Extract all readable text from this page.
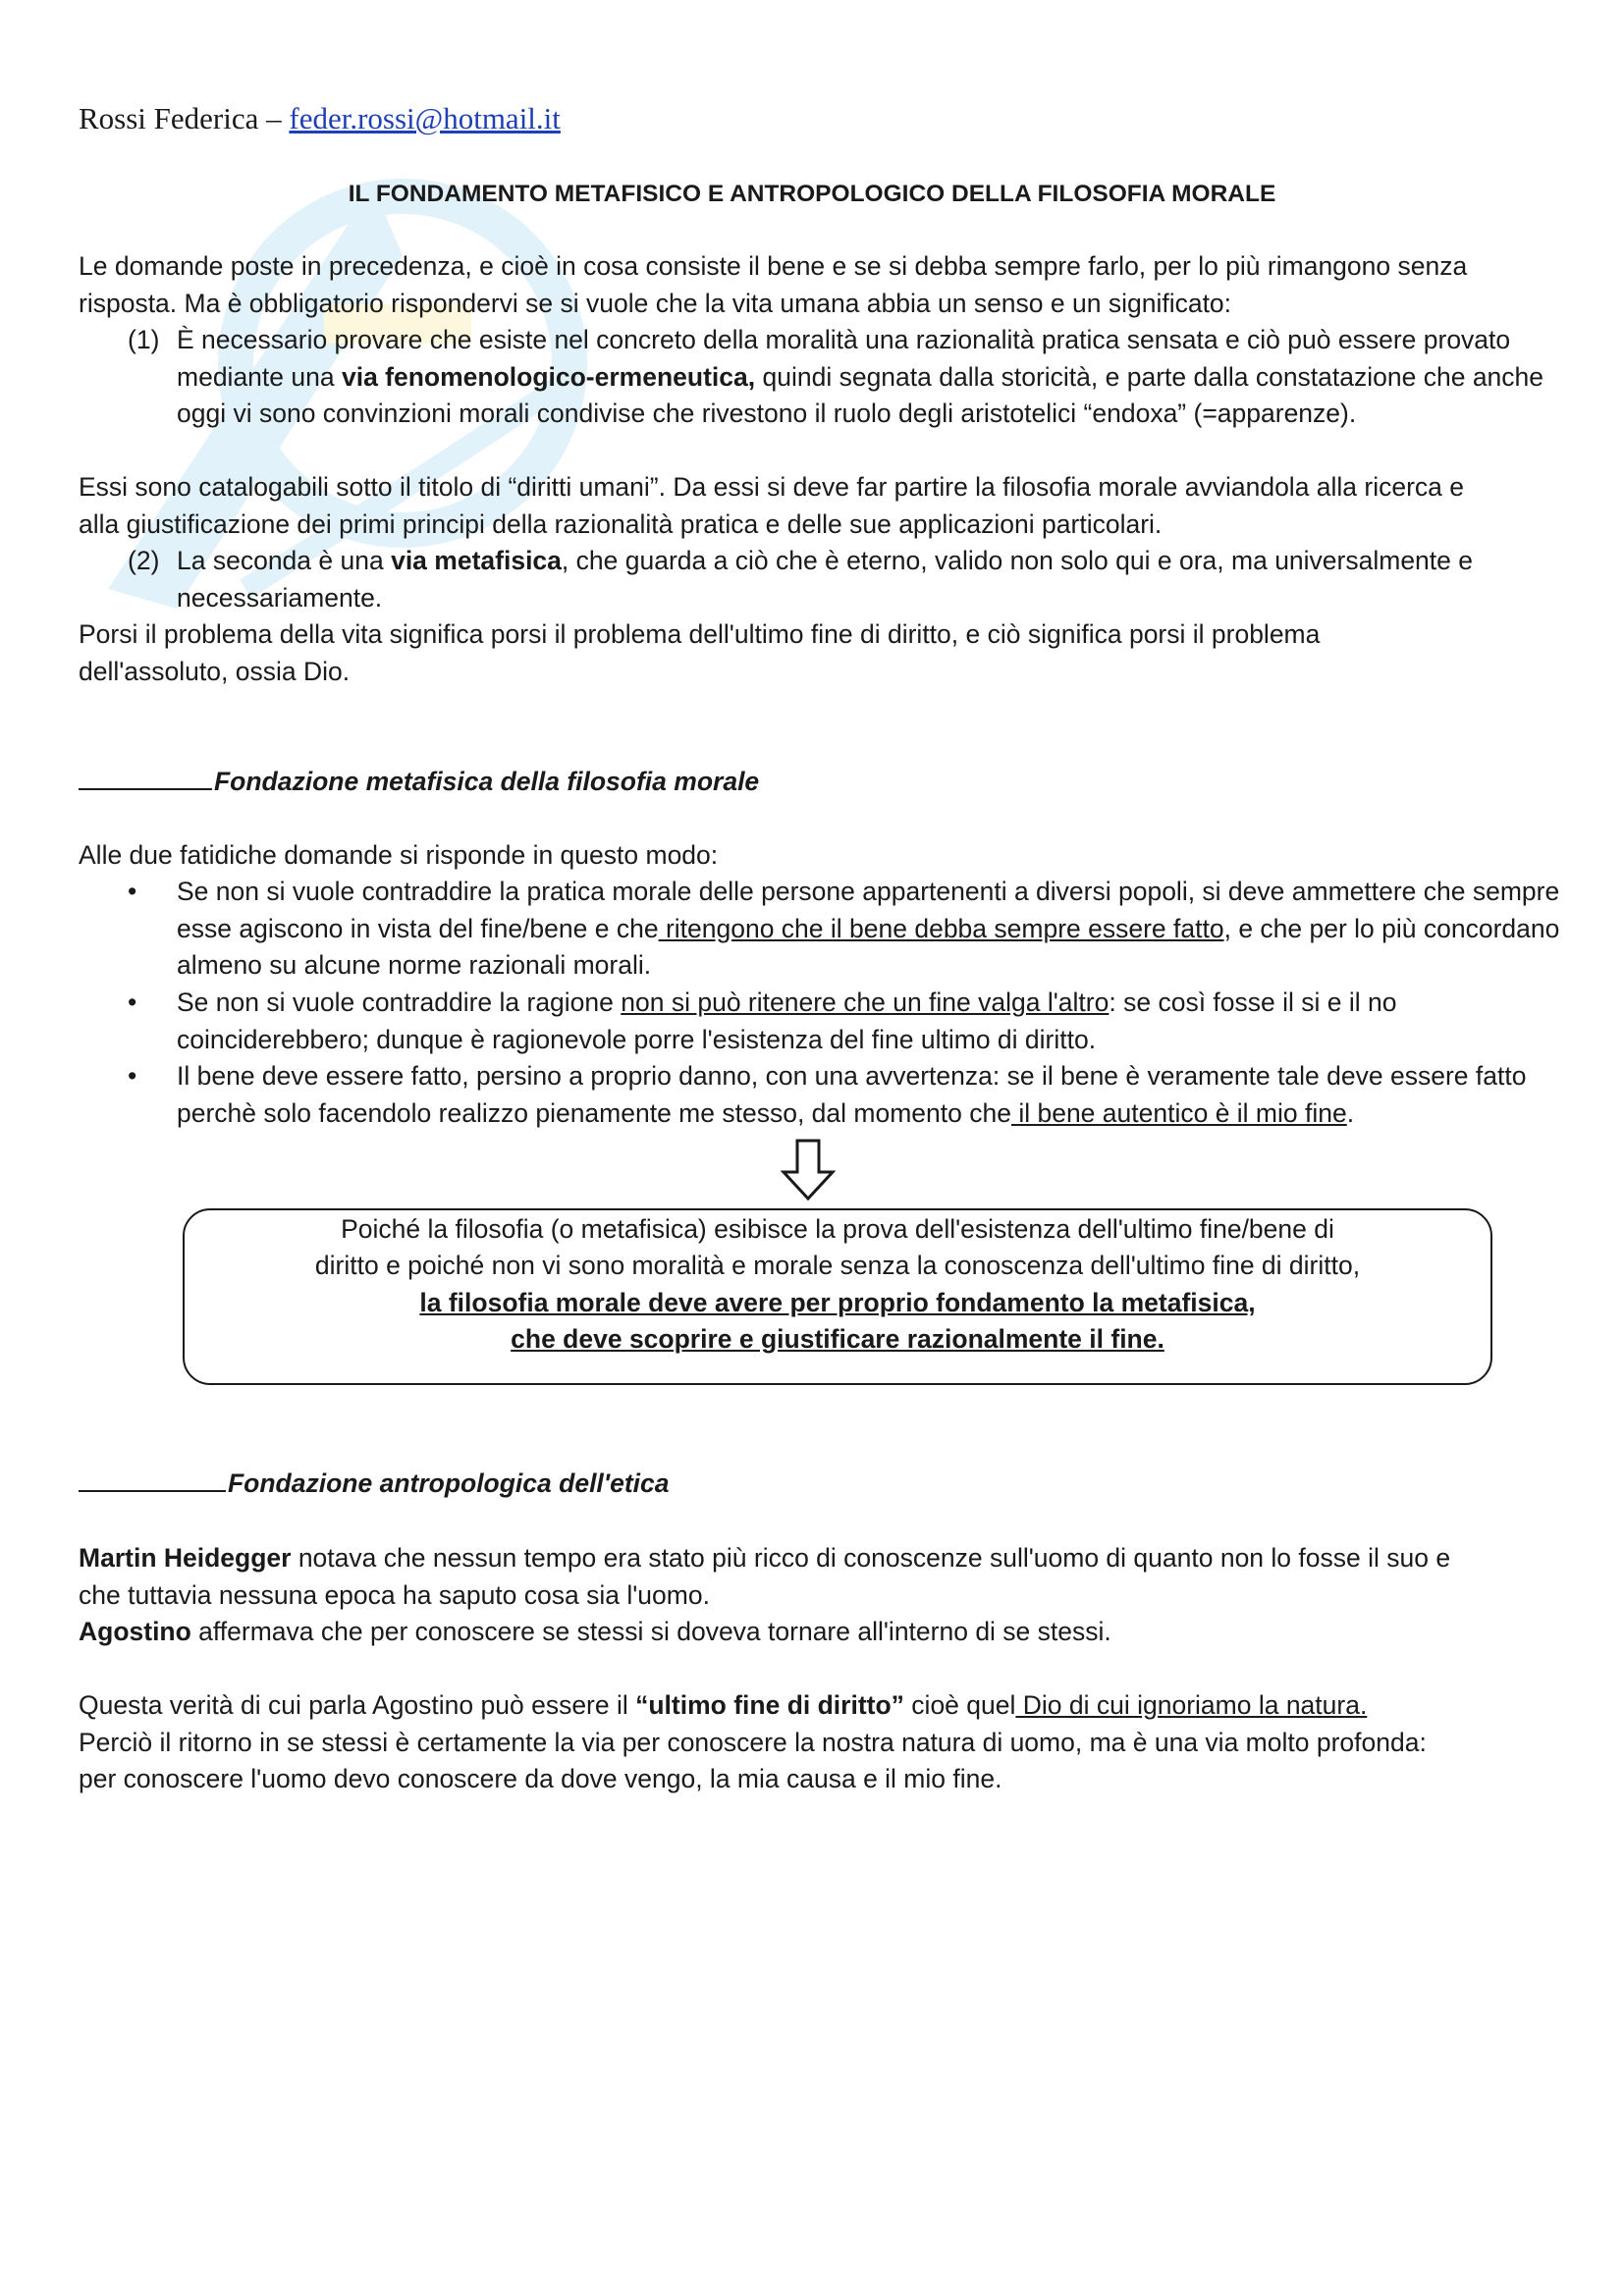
Rossi Federica – feder.rossi@hotmail.it
IL FONDAMENTO METAFISICO E ANTROPOLOGICO DELLA FILOSOFIA MORALE
Le domande poste in precedenza, e cioè in cosa consiste il bene e se si debba sempre farlo, per lo più rimangono senza
risposta. Ma è obbligatorio rispondervi se si vuole che la vita umana abbia un senso e un significato:
(1) È necessario provare che esiste nel concreto della moralità una razionalità pratica sensata e ciò può essere provato mediante una via fenomenologico-ermeneutica, quindi segnata dalla storicità, e parte dalla constatazione che anche oggi vi sono convinzioni morali condivise che rivestono il ruolo degli aristotelici “endoxa” (=apparenze).
Essi sono catalogabili sotto il titolo di “diritti umani”. Da essi si deve far partire la filosofia morale avviandola alla ricerca e
alla giustificazione dei primi principi della razionalità pratica e delle sue applicazioni particolari.
(2) La seconda è una via metafisica, che guarda a ciò che è eterno, valido non solo qui e ora, ma universalmente e necessariamente.
Porsi il problema della vita significa porsi il problema dell'ultimo fine di diritto, e ciò significa porsi il problema
dell'assoluto, ossia Dio.
Fondazione metafisica della filosofia morale
Alle due fatidiche domande si risponde in questo modo:
• Se non si vuole contraddire la pratica morale delle persone appartenenti a diversi popoli, si deve ammettere che sempre esse agiscono in vista del fine/bene e che ritengono che il bene debba sempre essere fatto, e che per lo più concordano almeno su alcune norme razionali morali.
• Se non si vuole contraddire la ragione non si può ritenere che un fine valga l'altro: se così fosse il si e il no coinciderebbero; dunque è ragionevole porre l'esistenza del fine ultimo di diritto.
• Il bene deve essere fatto, persino a proprio danno, con una avvertenza: se il bene è veramente tale deve essere fatto perchè solo facendolo realizzo pienamente me stesso, dal momento che il bene autentico è il mio fine.
Poiché la filosofia (o metafisica) esibisce la prova dell'esistenza dell'ultimo fine/bene di
diritto e poiché non vi sono moralità e morale senza la conoscenza dell'ultimo fine di diritto,
la filosofia morale deve avere per proprio fondamento la metafisica,
che deve scoprire e giustificare razionalmente il fine.
Fondazione antropologica dell'etica
Martin Heidegger notava che nessun tempo era stato più ricco di conoscenze sull'uomo di quanto non lo fosse il suo e
che tuttavia nessuna epoca ha saputo cosa sia l'uomo.
Agostino affermava che per conoscere se stessi si doveva tornare all'interno di se stessi.
Questa verità di cui parla Agostino può essere il “ultimo fine di diritto” cioè quel Dio di cui ignoriamo la natura.
Perciò il ritorno in se stessi è certamente la via per conoscere la nostra natura di uomo, ma è una via molto profonda:
per conoscere l'uomo devo conoscere da dove vengo, la mia causa e il mio fine.
